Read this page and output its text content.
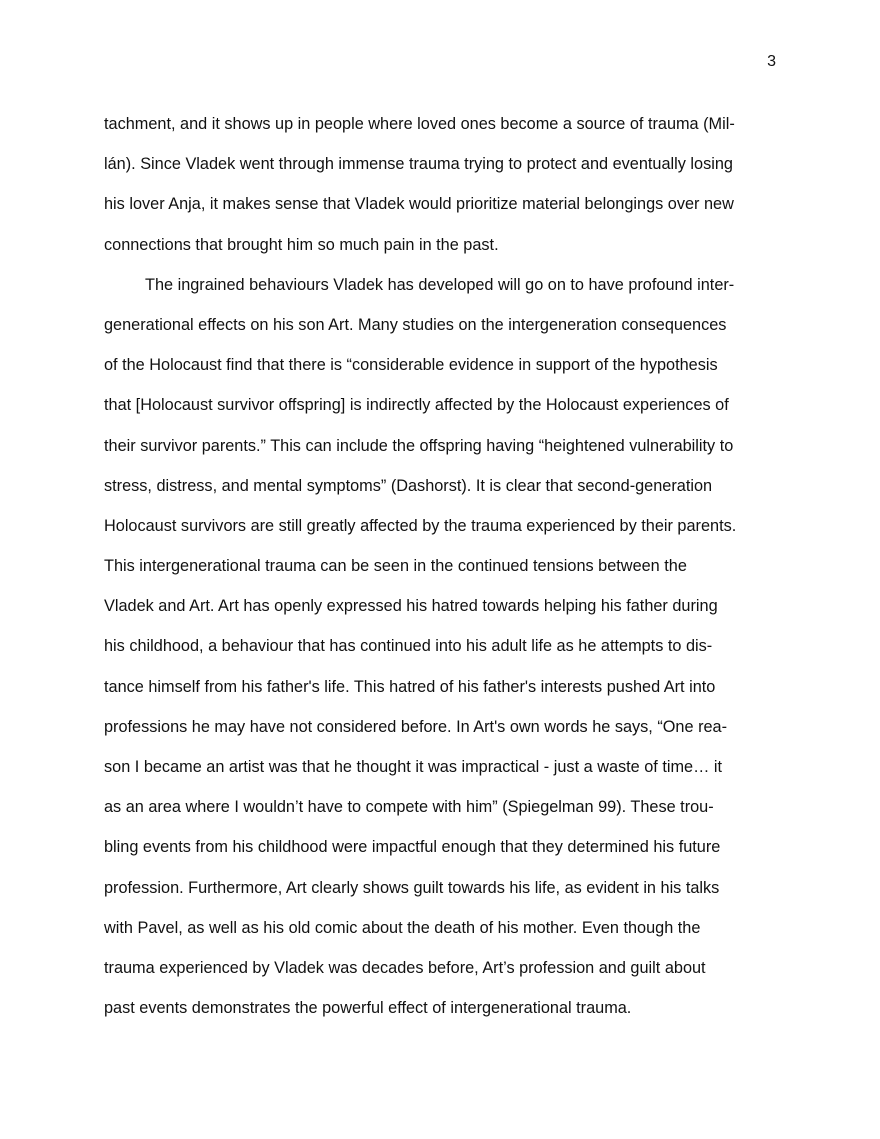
3
tachment, and it shows up in people where loved ones become a source of trauma (Mil-
lán). Since Vladek went through immense trauma trying to protect and eventually losing
his lover Anja, it makes sense that Vladek would prioritize material belongings over new
connections that brought him so much pain in the past.
The ingrained behaviours Vladek has developed will go on to have profound inter-
generational effects on his son Art. Many studies on the intergeneration consequences
of the Holocaust find that there is “considerable evidence in support of the hypothesis
that [Holocaust survivor offspring] is indirectly affected by the Holocaust experiences of
their survivor parents.” This can include the offspring having “heightened vulnerability to
stress, distress, and mental symptoms” (Dashorst). It is clear that second-generation
Holocaust survivors are still greatly affected by the trauma experienced by their parents.
This intergenerational trauma can be seen in the continued tensions between the
Vladek and Art. Art has openly expressed his hatred towards helping his father during
his childhood, a behaviour that has continued into his adult life as he attempts to dis-
tance himself from his father's life. This hatred of his father's interests pushed Art into
professions he may have not considered before. In Art's own words he says, “One rea-
son I became an artist was that he thought it was impractical - just a waste of time… it
as an area where I wouldn’t have to compete with him” (Spiegelman 99). These trou-
bling events from his childhood were impactful enough that they determined his future
profession. Furthermore, Art clearly shows guilt towards his life, as evident in his talks
with Pavel, as well as his old comic about the death of his mother. Even though the
trauma experienced by Vladek was decades before, Art’s profession and guilt about
past events demonstrates the powerful effect of intergenerational trauma.
